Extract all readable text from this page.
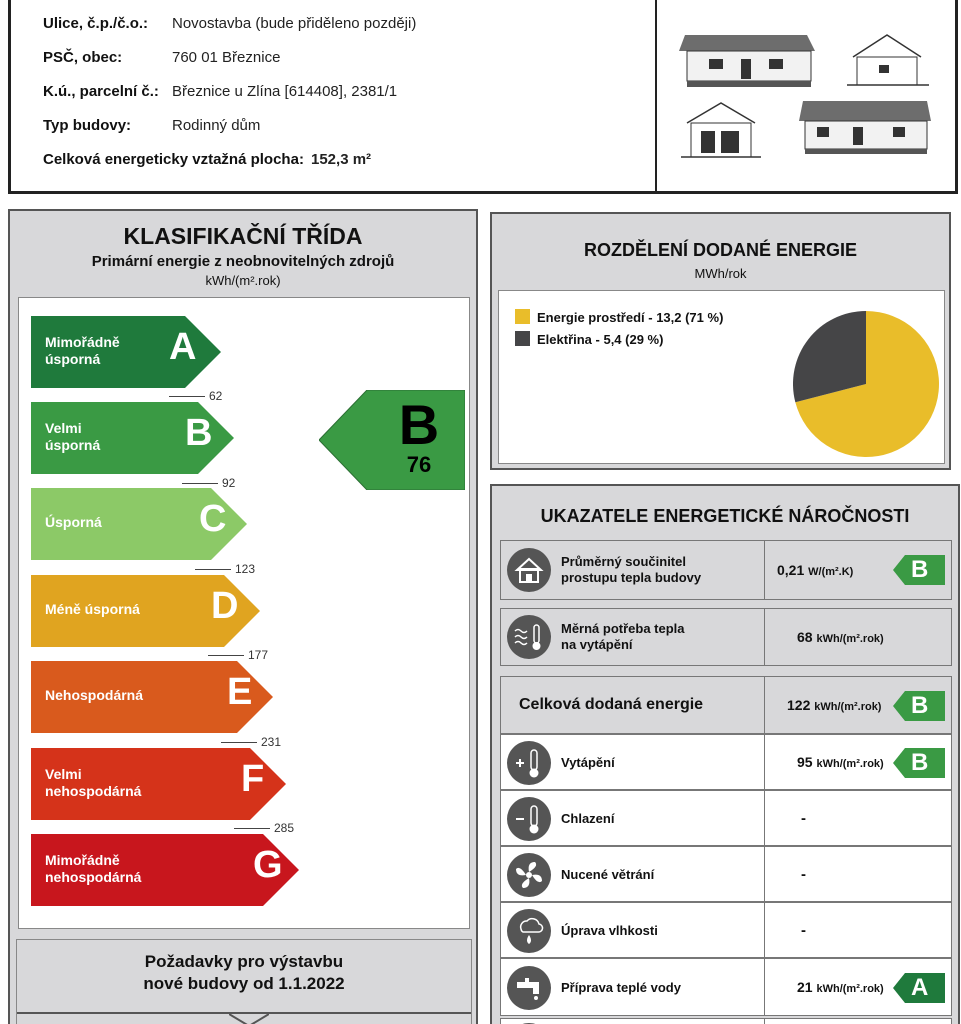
Ulice, č.p./č.o.: Novostavba (bude přiděleno později)
PSČ, obec:	760 01 Březnice
K.ú., parcelní č.: Březnice u Zlína [614408], 2381/1
Typ budovy:	Rodinný dům
Celková energeticky vztažná plocha: 152,3 m²
KLASIFIKAČNÍ TŘÍDA
Primární energie z neobnovitelných zdrojů
kWh/(m².rok)
Mimořádně
úsporná A
62
Velmi
úsporná B
92
Úsporná	C
123
Méně úsporná D
177
Nehospodárná E
231
Velmi
nehospodárná	F
285
Mimořádně
nehospodárná	G
B
76
Požadavky pro výstavbu
nové budovy od 1.1.2022
ROZDĚLENÍ DODANÉ ENERGIE
MWh/rok
Energie prostředí - 13,2 (71 %)
Elektřina - 5,4 (29 %)
UKAZATELE ENERGETICKÉ NÁROČNOSTI
Průměrný součinitel
prostupu tepla budovy	0,21 W/(m².K) B
Měrná potřeba tepla
na vytápění	68 kWh/(m².rok)
Celková dodaná energie	122 kWh/(m².rok) B
Vytápění	95 kWh/(m².rok) B
Chlazení	-
Nucené větrání	-
Úprava vlhkosti	-
Příprava teplé vody	21 kWh/(m².rok) A
